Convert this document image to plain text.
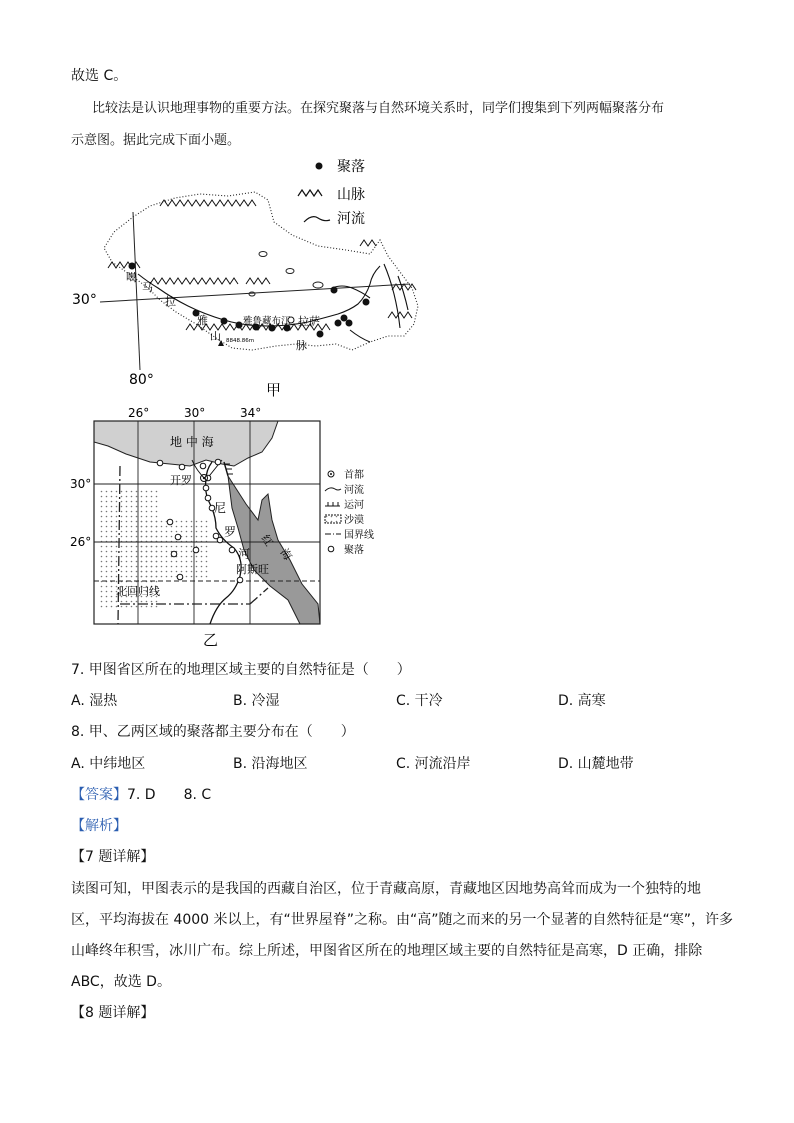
故选 C。
比较法是认识地理事物的重要方法。在探究聚落与自然环境关系时，同学们搜集到下列两幅聚落分布
示意图。据此完成下面小题。
聚落
山脉
河流
30°
80°
噶
马
拉
雅
山
雅鲁藏布江 拉萨
脉
8848.86m
甲
26°	30°	34°
30°
26°
地 中 海
开罗
尼
罗
河
阿斯旺
红
海
北回归线
首都
河流
运河
沙漠
国界线
聚落
乙
7. 甲图省区所在的地理区域主要的自然特征是（　　）
A. 湿热	B. 冷湿	C. 干冷	D. 高寒
8. 甲、乙两区域的聚落都主要分布在（　　）
A. 中纬地区	B. 沿海地区	C. 河流沿岸	D. 山麓地带
【答案】7. D　　8. C
【解析】
【7 题详解】
读图可知，甲图表示的是我国的西藏自治区，位于青藏高原，青藏地区因地势高耸而成为一个独特的地
区，平均海拔在 4000 米以上，有“世界屋脊”之称。由“高”随之而来的另一个显著的自然特征是“寒”，许多
山峰终年积雪，冰川广布。综上所述，甲图省区所在的地理区域主要的自然特征是高寒，D 正确，排除
ABC，故选 D。
【8 题详解】
